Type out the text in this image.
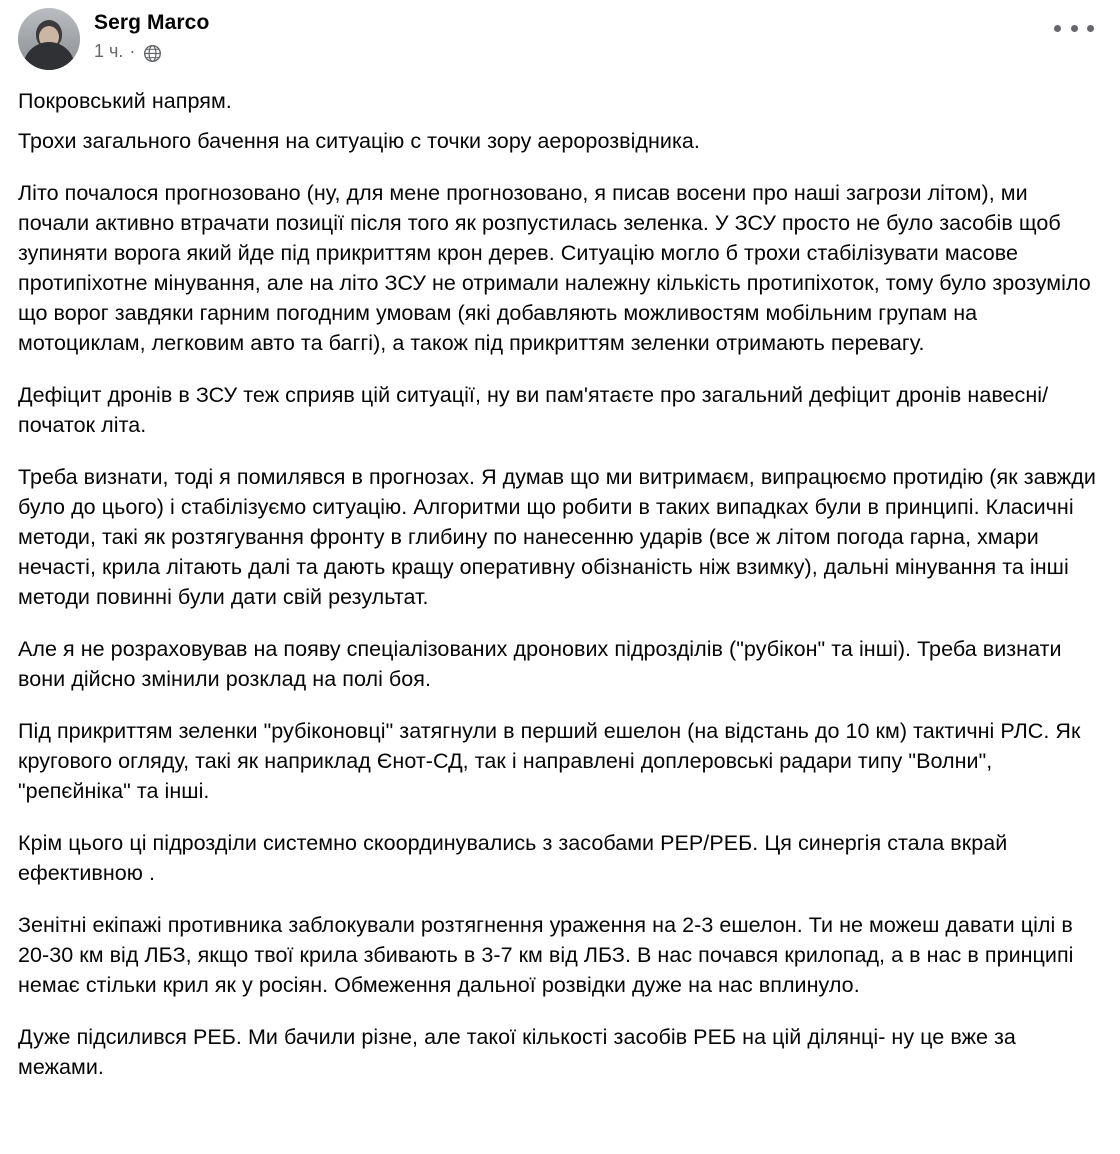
Serg Marco
1 ч. ·

Покровський напрям.

Трохи загального бачення на ситуацію с точки зору аеророзвідника.

Літо почалося прогнозовано (ну, для мене прогнозовано, я писав восени про наші загрози літом), ми почали активно втрачати позиції після того як розпустилась зеленка. У ЗСУ просто не було засобів щоб зупиняти ворога який йде під прикриттям крон дерев. Ситуацію могло б трохи стабілізувати масове протипіхотне мінування, але на літо ЗСУ не отримали належну кількість протипіхоток, тому було зрозуміло що ворог завдяки гарним погодним умовам (які добавляють можливостям мобільним групам на мотоциклам, легковим авто та баггі), а також під прикриттям зеленки отримають перевагу.

Дефіцит дронів в ЗСУ теж сприяв цій ситуації, ну ви пам'ятаєте про загальний дефіцит дронів навесні/початок літа.

Треба визнати, тоді я помилявся в прогнозах. Я думав що ми витримаєм, випрацюємо протидію (як завжди було до цього) і стабілізуємо ситуацію. Алгоритми що робити в таких випадках були в принципі. Класичні методи, такі як розтягування фронту в глибину по нанесенню ударів (все ж літом погода гарна, хмари нечасті, крила літають далі та дають кращу оперативну обізнаність ніж взимку), дальні мінування та інші методи повинні були дати свій результат.

Але я не розраховував на появу спеціалізованих дронових підрозділів ("рубікон" та інші). Треба визнати вони дійсно змінили розклад на полі боя.

Під прикриттям зеленки "рубіконовці" затягнули в перший ешелон (на відстань до 10 км) тактичні РЛС. Як кругового огляду, такі як наприклад Єнот-СД, так і направлені доплеровські радари типу "Волни", "репєйніка" та інші.

Крім цього ці підрозділи системно скоординувались з засобами РЕР/РЕБ. Ця синергія стала вкрай ефективною .

Зенітні екіпажі противника заблокували розтягнення ураження на 2-3 ешелон. Ти не можеш давати цілі в 20-30 км від ЛБЗ, якщо твої крила збивають в 3-7 км від ЛБЗ. В нас почався крилопад, а в нас в принципі немає стільки крил як у росіян. Обмеження дальної розвідки дуже на нас вплинуло.

Дуже підсилився РЕБ. Ми бачили різне, але такої кількості засобів РЕБ на цій ділянці- ну це вже за межами.
